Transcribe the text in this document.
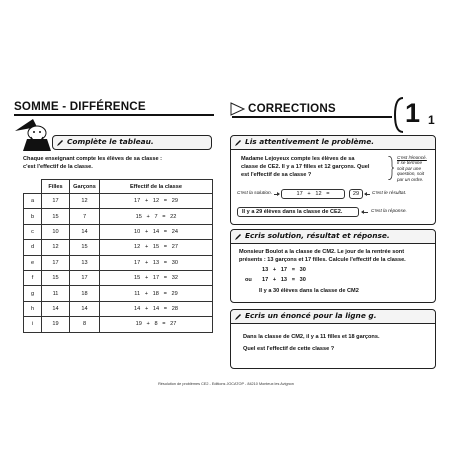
SOMME - DIFFÉRENCE	CORRECTIONS	1 1
Complète le tableau.
Chaque enseignant compte les élèves de sa classe :
c'est l'effectif de la classe.
	Filles	Garçons	Effectif de la classe
a	17	12	17   +   12   =   29
b	15	7	15   +   7   =   22
c	10	14	10   +   14   =   24
d	12	15	12   +   15   =   27
e	17	13	17   +   13   =   30
f	15	17	15   +   17   =   32
g	11	18	11   +   18   =   29
h	14	14	14   +   14   =   28
i	19	8	19   +   8   =   27
Lis attentivement le problème.
Madame Lejoyeux compte les élèves de sa
classe de CE2. Il y a 17 filles et 12 garçons. Quel
est l'effectif de sa classe ?
C'est l'énoncé.
Il se termine
soit par une
question, soit
par un ordre.
C'est la solution.	17 + 12 =	29	C'est le résultat.
Il y a 29 élèves dans la classe de CE2.	C'est la réponse.
Ecris solution, résultat et réponse.
Monsieur Boulot a la classe de CM2. Le jour de la rentrée sont
présents : 13 garçons et 17 filles. Calcule l'effectif de la classe.
13   +   17   =   30
ou 17   +   13   =   30
Il y a 30 élèves dans la classe de CM2
Ecris un énoncé pour la ligne g.
Dans la classe de CM2, il y a 11 filles et 18 garçons.
Quel est l'effectif de cette classe ?
Résolution de problèmes CE2 - Editions JOCATOP - 84210 Monteux les Avignon
